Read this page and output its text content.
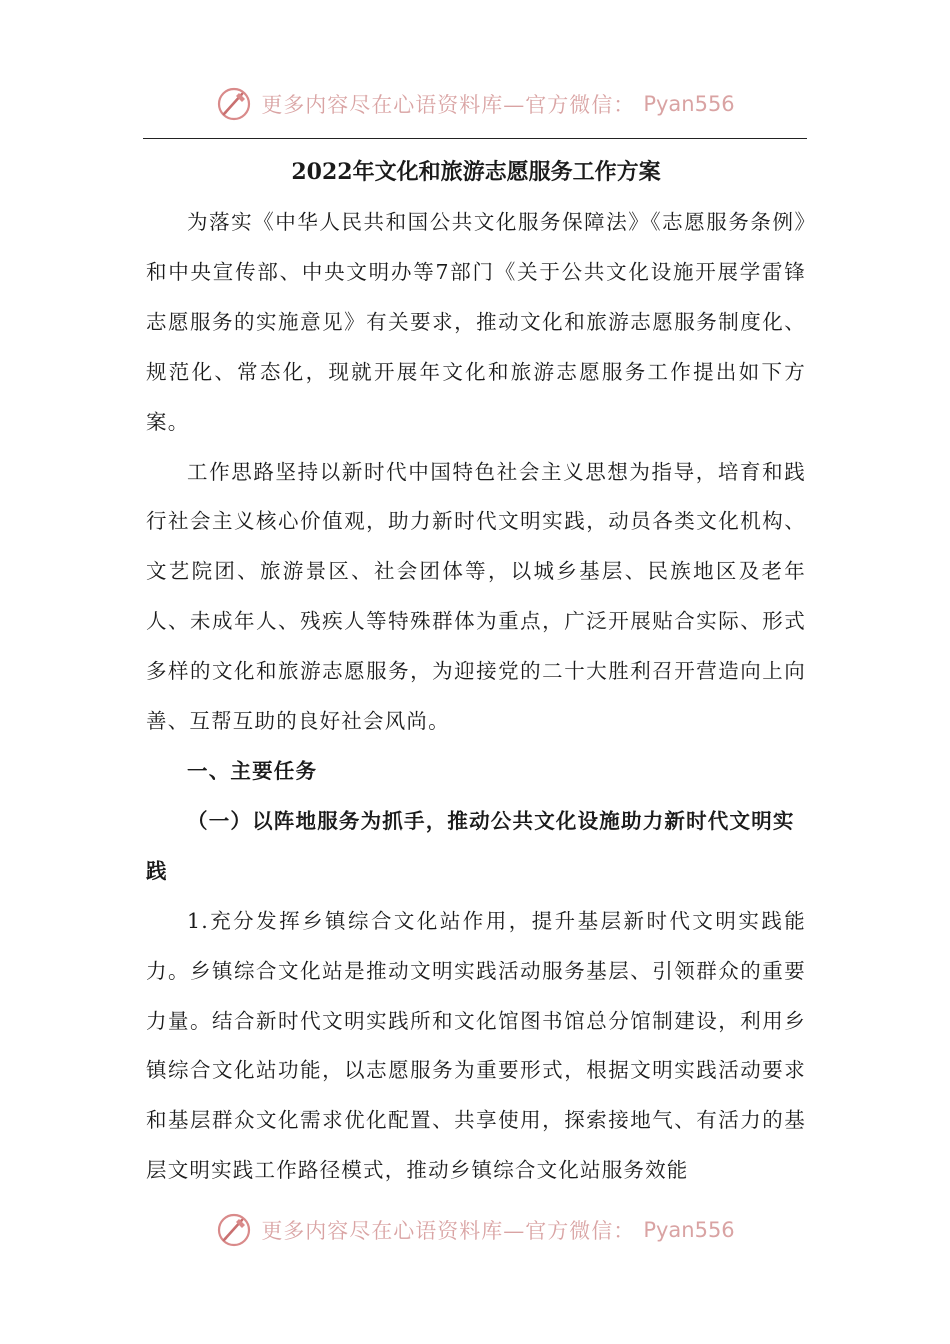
更多内容尽在心语资料库—官方微信： Pyan556
2022年文化和旅游志愿服务工作方案

为落实《中华人民共和国公共文化服务保障法》《志愿服务条例》和中央宣传部、中央文明办等7部门《关于公共文化设施开展学雷锋志愿服务的实施意见》有关要求，推动文化和旅游志愿服务制度化、规范化、常态化，现就开展年文化和旅游志愿服务工作提出如下方案。

工作思路坚持以新时代中国特色社会主义思想为指导，培育和践行社会主义核心价值观，助力新时代文明实践，动员各类文化机构、文艺院团、旅游景区、社会团体等，以城乡基层、民族地区及老年人、未成年人、残疾人等特殊群体为重点，广泛开展贴合实际、形式多样的文化和旅游志愿服务，为迎接党的二十大胜利召开营造向上向善、互帮互助的良好社会风尚。

一、主要任务

（一）以阵地服务为抓手，推动公共文化设施助力新时代文明实践

1.充分发挥乡镇综合文化站作用，提升基层新时代文明实践能力。乡镇综合文化站是推动文明实践活动服务基层、引领群众的重要力量。结合新时代文明实践所和文化馆图书馆总分馆制建设，利用乡镇综合文化站功能，以志愿服务为重要形式，根据文明实践活动要求和基层群众文化需求优化配置、共享使用，探索接地气、有活力的基层文明实践工作路径模式，推动乡镇综合文化站服务效能

更多内容尽在心语资料库—官方微信： Pyan556
